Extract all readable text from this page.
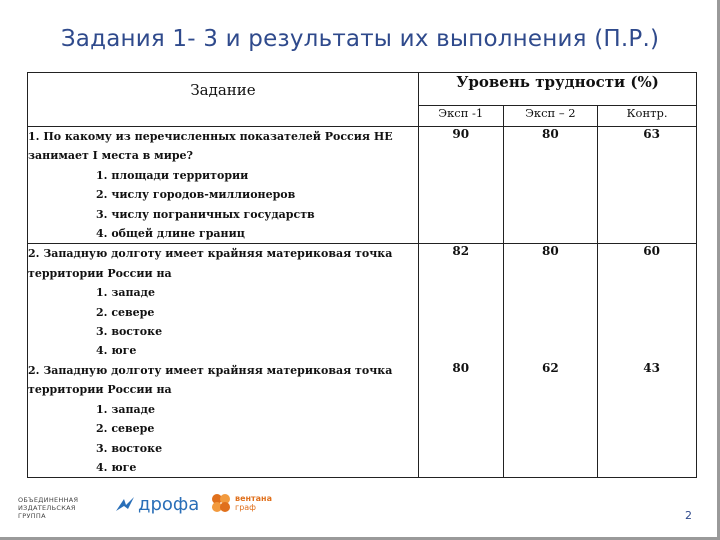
Задания 1- 3 и результаты их выполнения (П.Р.)
Задание	Уровень трудности (%)		
	Эксп -1	Эксп – 2	Контр.

1. По какому из перечисленных показателей Россия НЕ занимает I места в мире?
1. площади территории
2. числу городов-миллионеров
3. числу пограничных государств
4. общей длине границ	90	80	63

2. Западную долготу имеет крайняя материковая точка территории России на
1. западе
2. севере
3. востоке
4. юге	82	80	60

2. Западную долготу имеет крайняя материковая точка территории России на
1. западе
2. севере
3. востоке
4. юге	80	62	43
ОБЪЕДИНЕННАЯ
ИЗДАТЕЛЬСКАЯ ГРУППА
дрофа	вентана
граф
2
